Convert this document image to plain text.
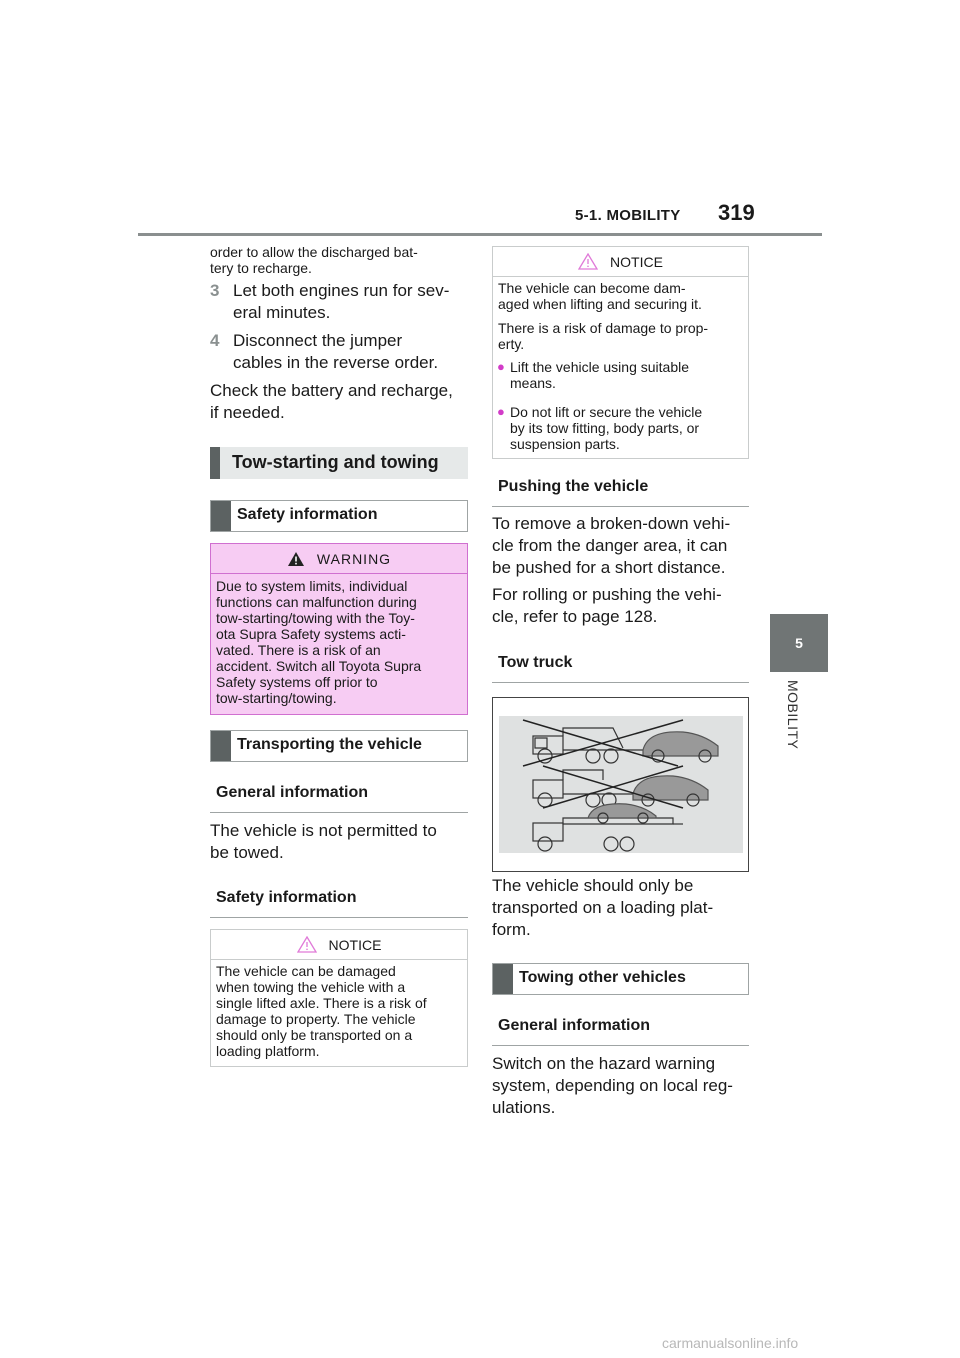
5-1. MOBILITY 319
5
MOBILITY
order to allow the discharged bat-
tery to recharge.
3 Let both engines run for sev-
eral minutes.
4 Disconnect the jumper
cables in the reverse order.
Check the battery and recharge,
if needed.
Tow-starting and towing
Safety information
WARNING
Due to system limits, individual
functions can malfunction during
tow-starting/towing with the Toy-
ota Supra Safety systems acti-
vated. There is a risk of an
accident. Switch all Toyota Supra
Safety systems off prior to
tow-starting/towing.
Transporting the vehicle
General information
The vehicle is not permitted to
be towed.
Safety information
NOTICE
The vehicle can be damaged
when towing the vehicle with a
single lifted axle. There is a risk of
damage to property. The vehicle
should only be transported on a
loading platform.
NOTICE
The vehicle can become dam-
aged when lifting and securing it.
There is a risk of damage to prop-
erty.
● Lift the vehicle using suitable
means.
● Do not lift or secure the vehicle
by its tow fitting, body parts, or
suspension parts.
Pushing the vehicle
To remove a broken-down vehi-
cle from the danger area, it can
be pushed for a short distance.
For rolling or pushing the vehi-
cle, refer to page 128.
Tow truck
The vehicle should only be
transported on a loading plat-
form.
Towing other vehicles
General information
Switch on the hazard warning
system, depending on local reg-
ulations.
carmanualsonline.info
